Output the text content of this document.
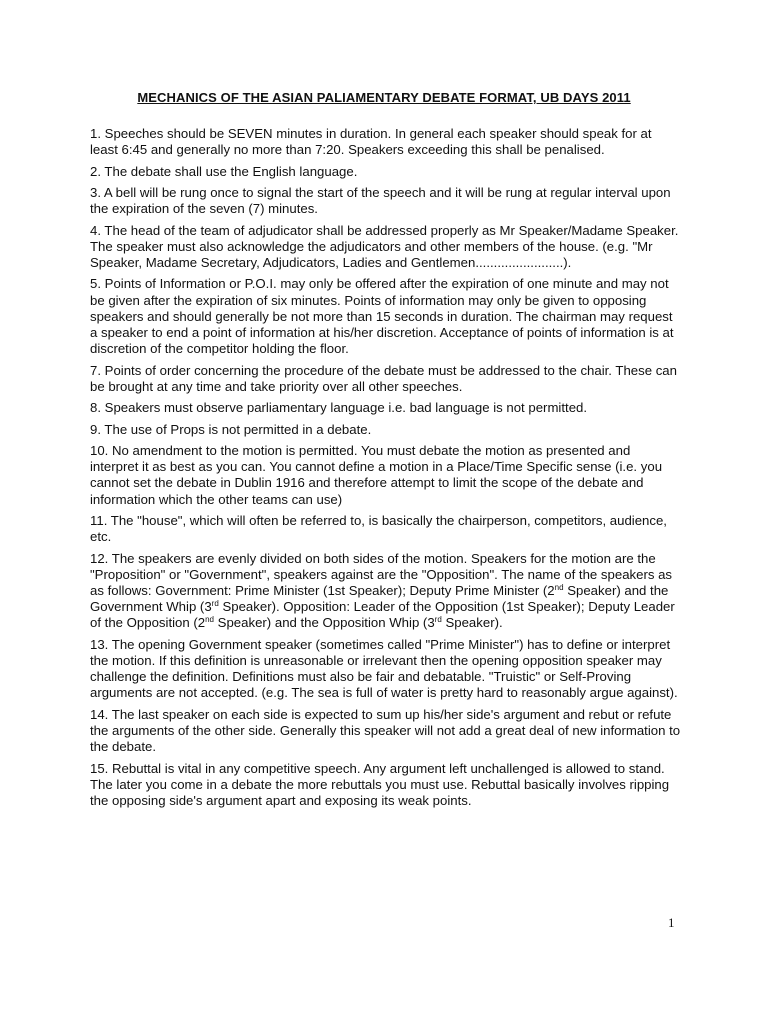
MECHANICS OF THE ASIAN PALIAMENTARY DEBATE FORMAT, UB DAYS 2011

1. Speeches should be SEVEN minutes in duration. In general each speaker should speak for at least 6:45 and generally no more than 7:20. Speakers exceeding this shall be penalised.

2. The debate shall use the English language.

3. A bell will be rung once to signal the start of the speech and it will be rung at regular interval upon the expiration of the seven (7) minutes.

4. The head of the team of adjudicator shall be addressed properly as Mr Speaker/Madame Speaker. The speaker must also acknowledge the adjudicators and other members of the house. (e.g. "Mr Speaker, Madame Secretary, Adjudicators, Ladies and Gentlemen........................).

5. Points of Information or P.O.I. may only be offered after the expiration of one minute and may not be given after the expiration of six minutes. Points of information may only be given to opposing speakers and should generally be not more than 15 seconds in duration. The chairman may request a speaker to end a point of information at his/her discretion. Acceptance of points of information is at discretion of the competitor holding the floor.

7. Points of order concerning the procedure of the debate must be addressed to the chair. These can be brought at any time and take priority over all other speeches.

8. Speakers must observe parliamentary language i.e. bad language is not permitted.

9. The use of Props is not permitted in a debate.

10. No amendment to the motion is permitted. You must debate the motion as presented and interpret it as best as you can. You cannot define a motion in a Place/Time Specific sense (i.e. you cannot set the debate in Dublin 1916 and therefore attempt to limit the scope of the debate and information which the other teams can use)

11. The "house", which will often be referred to, is basically the chairperson, competitors, audience, etc.

12. The speakers are evenly divided on both sides of the motion. Speakers for the motion are the "Proposition" or "Government", speakers against are the "Opposition". The name of the speakers as as follows: Government: Prime Minister (1st Speaker); Deputy Prime Minister (2nd Speaker) and the Government Whip (3rd Speaker). Opposition: Leader of the Opposition (1st Speaker); Deputy Leader of the Opposition (2nd Speaker) and the Opposition Whip (3rd Speaker).

13. The opening Government speaker (sometimes called "Prime Minister") has to define or interpret the motion. If this definition is unreasonable or irrelevant then the opening opposition speaker may challenge the definition. Definitions must also be fair and debatable. "Truistic" or Self-Proving arguments are not accepted. (e.g. The sea is full of water is pretty hard to reasonably argue against).

14. The last speaker on each side is expected to sum up his/her side's argument and rebut or refute the arguments of the other side. Generally this speaker will not add a great deal of new information to the debate.

15. Rebuttal is vital in any competitive speech. Any argument left unchallenged is allowed to stand. The later you come in a debate the more rebuttals you must use. Rebuttal basically involves ripping the opposing side's argument apart and exposing its weak points.

1
